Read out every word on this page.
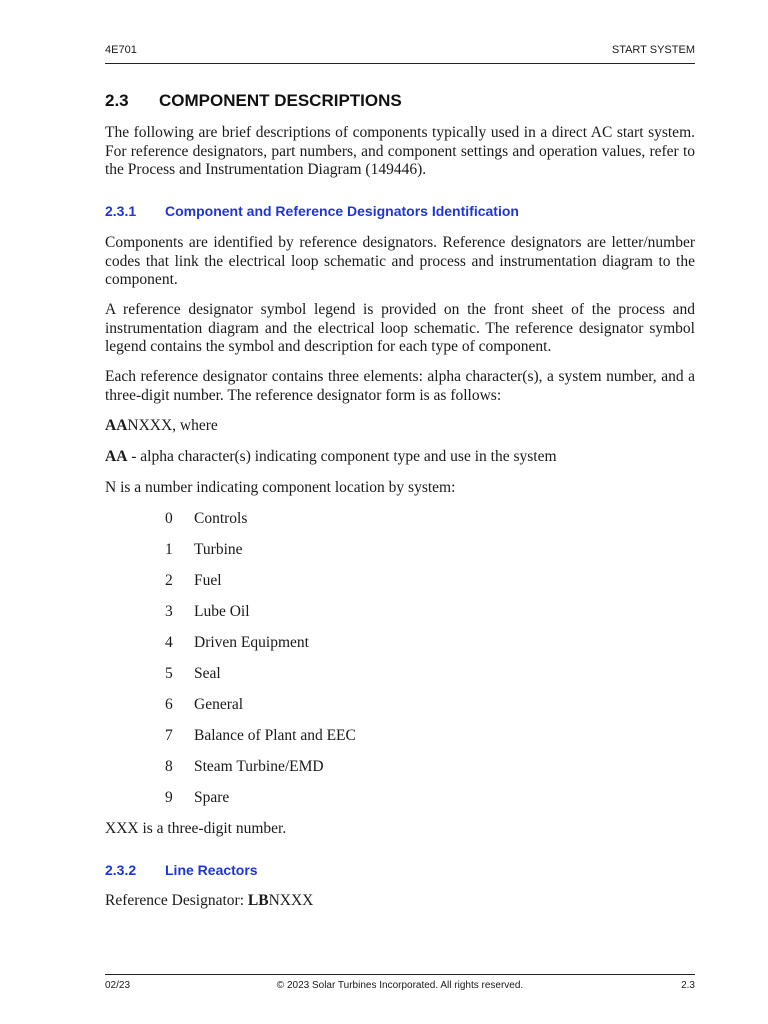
4E701	START SYSTEM
2.3 COMPONENT DESCRIPTIONS
The following are brief descriptions of components typically used in a direct AC start system. For reference designators, part numbers, and component settings and operation values, refer to the Process and Instrumentation Diagram (149446).
2.3.1 Component and Reference Designators Identification
Components are identified by reference designators. Reference designators are letter/number codes that link the electrical loop schematic and process and instrumentation diagram to the component.
A reference designator symbol legend is provided on the front sheet of the process and instrumentation diagram and the electrical loop schematic. The reference designator symbol legend contains the symbol and description for each type of component.
Each reference designator contains three elements: alpha character(s), a system number, and a three-digit number. The reference designator form is as follows:
AANXXX, where
AA - alpha character(s) indicating component type and use in the system
N is a number indicating component location by system:
0 Controls
1 Turbine
2 Fuel
3 Lube Oil
4 Driven Equipment
5 Seal
6 General
7 Balance of Plant and EEC
8 Steam Turbine/EMD
9 Spare
XXX is a three-digit number.
2.3.2 Line Reactors
Reference Designator: LBNXXX
© 2023 Solar Turbines Incorporated. All rights reserved.
02/23	2.3
